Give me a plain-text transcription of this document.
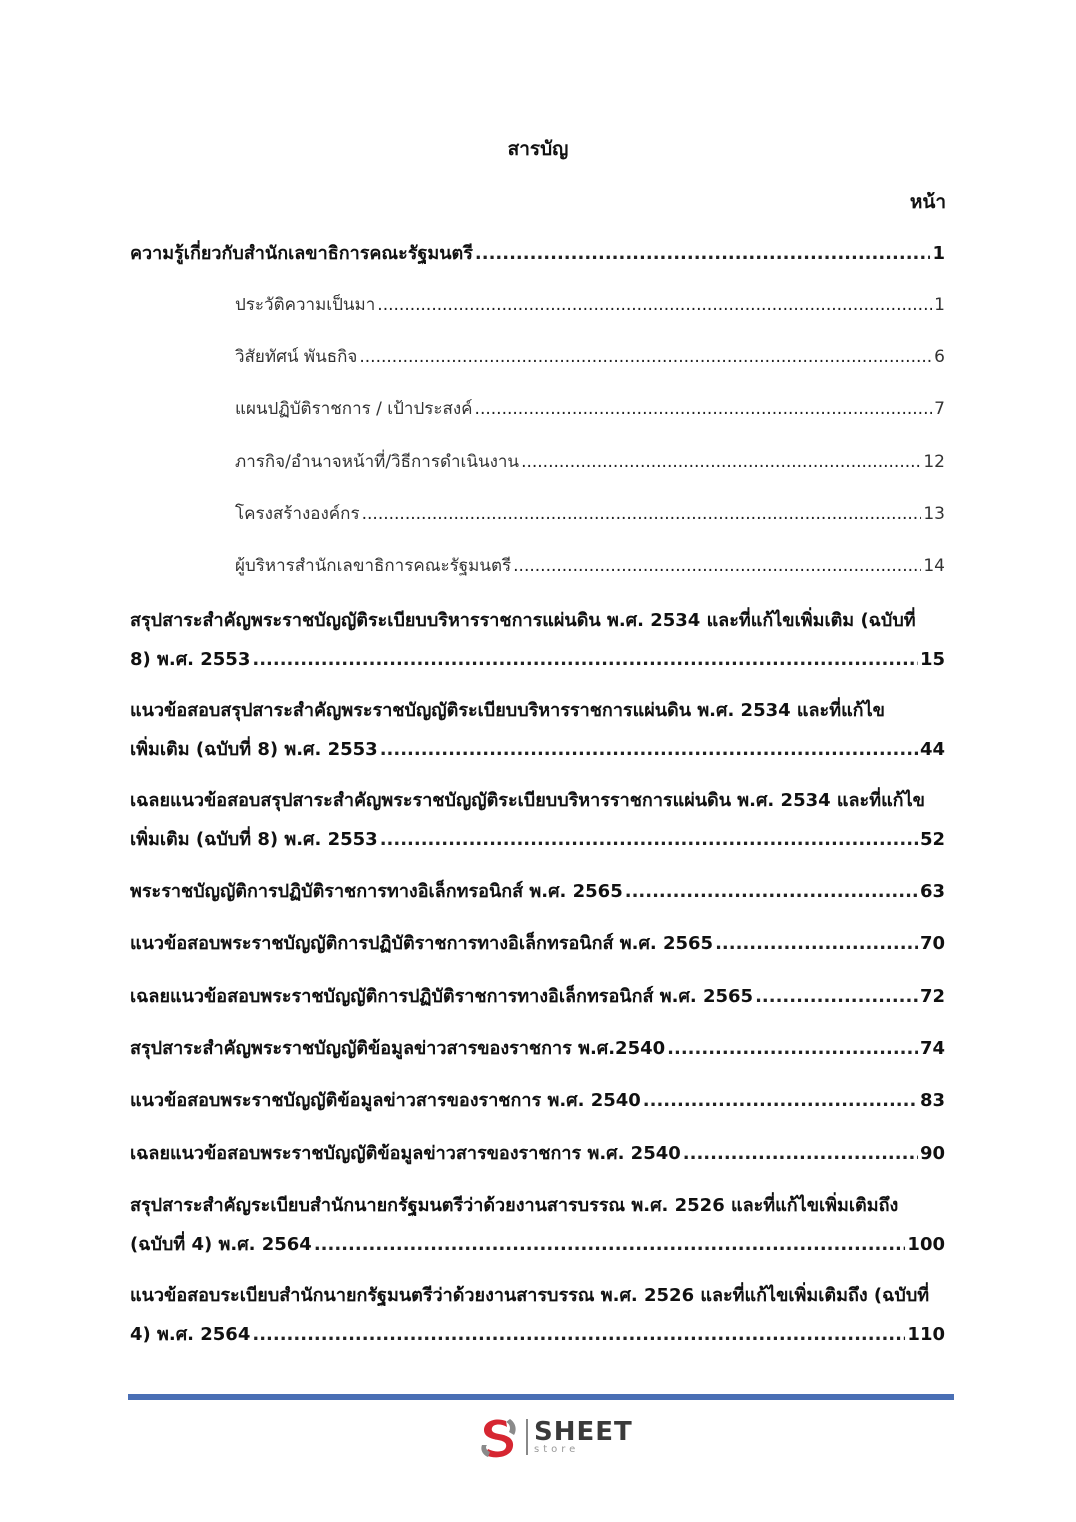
สารบัญ
หน้า
ความรู้เกี่ยวกับสำนักเลขาธิการคณะรัฐมนตรี .....	1
ประวัติความเป็นมา .....	1
วิสัยทัศน์ พันธกิจ .....	6
แผนปฏิบัติราชการ / เป้าประสงค์ .....	7
ภารกิจ/อำนาจหน้าที่/วิธีการดำเนินงาน .....	12
โครงสร้างองค์กร .....	13
ผู้บริหารสำนักเลขาธิการคณะรัฐมนตรี .....	14
สรุปสาระสำคัญพระราชบัญญัติระเบียบบริหารราชการแผ่นดิน พ.ศ. 2534 และที่แก้ไขเพิ่มเติม (ฉบับที่
8) พ.ศ. 2553 .....	15
แนวข้อสอบสรุปสาระสำคัญพระราชบัญญัติระเบียบบริหารราชการแผ่นดิน พ.ศ. 2534 และที่แก้ไข
เพิ่มเติม (ฉบับที่ 8) พ.ศ. 2553 .....	44
เฉลยแนวข้อสอบสรุปสาระสำคัญพระราชบัญญัติระเบียบบริหารราชการแผ่นดิน พ.ศ. 2534 และที่แก้ไข
เพิ่มเติม (ฉบับที่ 8) พ.ศ. 2553 .....	52
พระราชบัญญัติการปฏิบัติราชการทางอิเล็กทรอนิกส์ พ.ศ. 2565 .....	63
แนวข้อสอบพระราชบัญญัติการปฏิบัติราชการทางอิเล็กทรอนิกส์ พ.ศ. 2565 .....	70
เฉลยแนวข้อสอบพระราชบัญญัติการปฏิบัติราชการทางอิเล็กทรอนิกส์ พ.ศ. 2565 .....	72
สรุปสาระสำคัญพระราชบัญญัติข้อมูลข่าวสารของราชการ พ.ศ.2540 .....	74
แนวข้อสอบพระราชบัญญัติข้อมูลข่าวสารของราชการ พ.ศ. 2540 .....	83
เฉลยแนวข้อสอบพระราชบัญญัติข้อมูลข่าวสารของราชการ พ.ศ. 2540 .....	90
สรุปสาระสำคัญระเบียบสำนักนายกรัฐมนตรีว่าด้วยงานสารบรรณ พ.ศ. 2526 และที่แก้ไขเพิ่มเติมถึง
(ฉบับที่ 4) พ.ศ. 2564 .....	100
แนวข้อสอบระเบียบสำนักนายกรัฐมนตรีว่าด้วยงานสารบรรณ พ.ศ. 2526 และที่แก้ไขเพิ่มเติมถึง (ฉบับที่
4) พ.ศ. 2564 .....	110
SHEET
store
